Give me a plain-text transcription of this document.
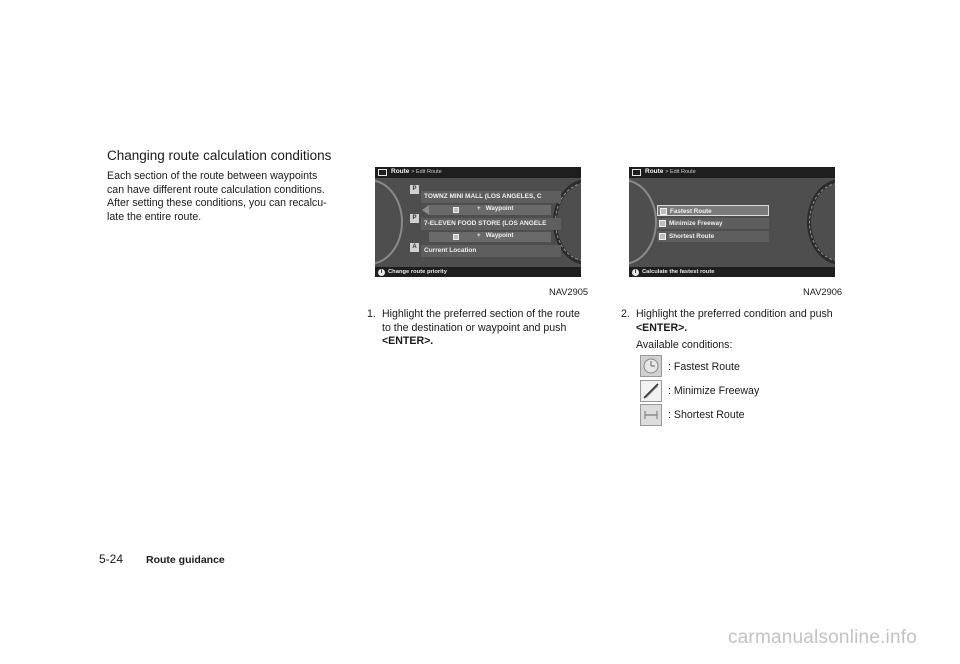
Changing route calculation conditions
Each section of the route between waypoints
can have different route calculation conditions.
After setting these conditions, you can recalcu-
late the entire route.
Route > Edit Route
P
P
A
TOWNZ MINI MALL (LOS ANGELES, C
+ Waypoint
7-ELEVEN FOOD STORE (LOS ANGELE
+ Waypoint
Current Location
i Change route priority
NAV2905
Route > Edit Route
Fastest Route
Minimize Freeway
Shortest Route
i Calculate the fastest route
NAV2906
1. Highlight the preferred section of the route
to the destination or waypoint and push
<ENTER>.
2. Highlight the preferred condition and push
<ENTER>.
Available conditions:
: Fastest Route
: Minimize Freeway
: Shortest Route
5-24 Route guidance
carmanualsonline.info
